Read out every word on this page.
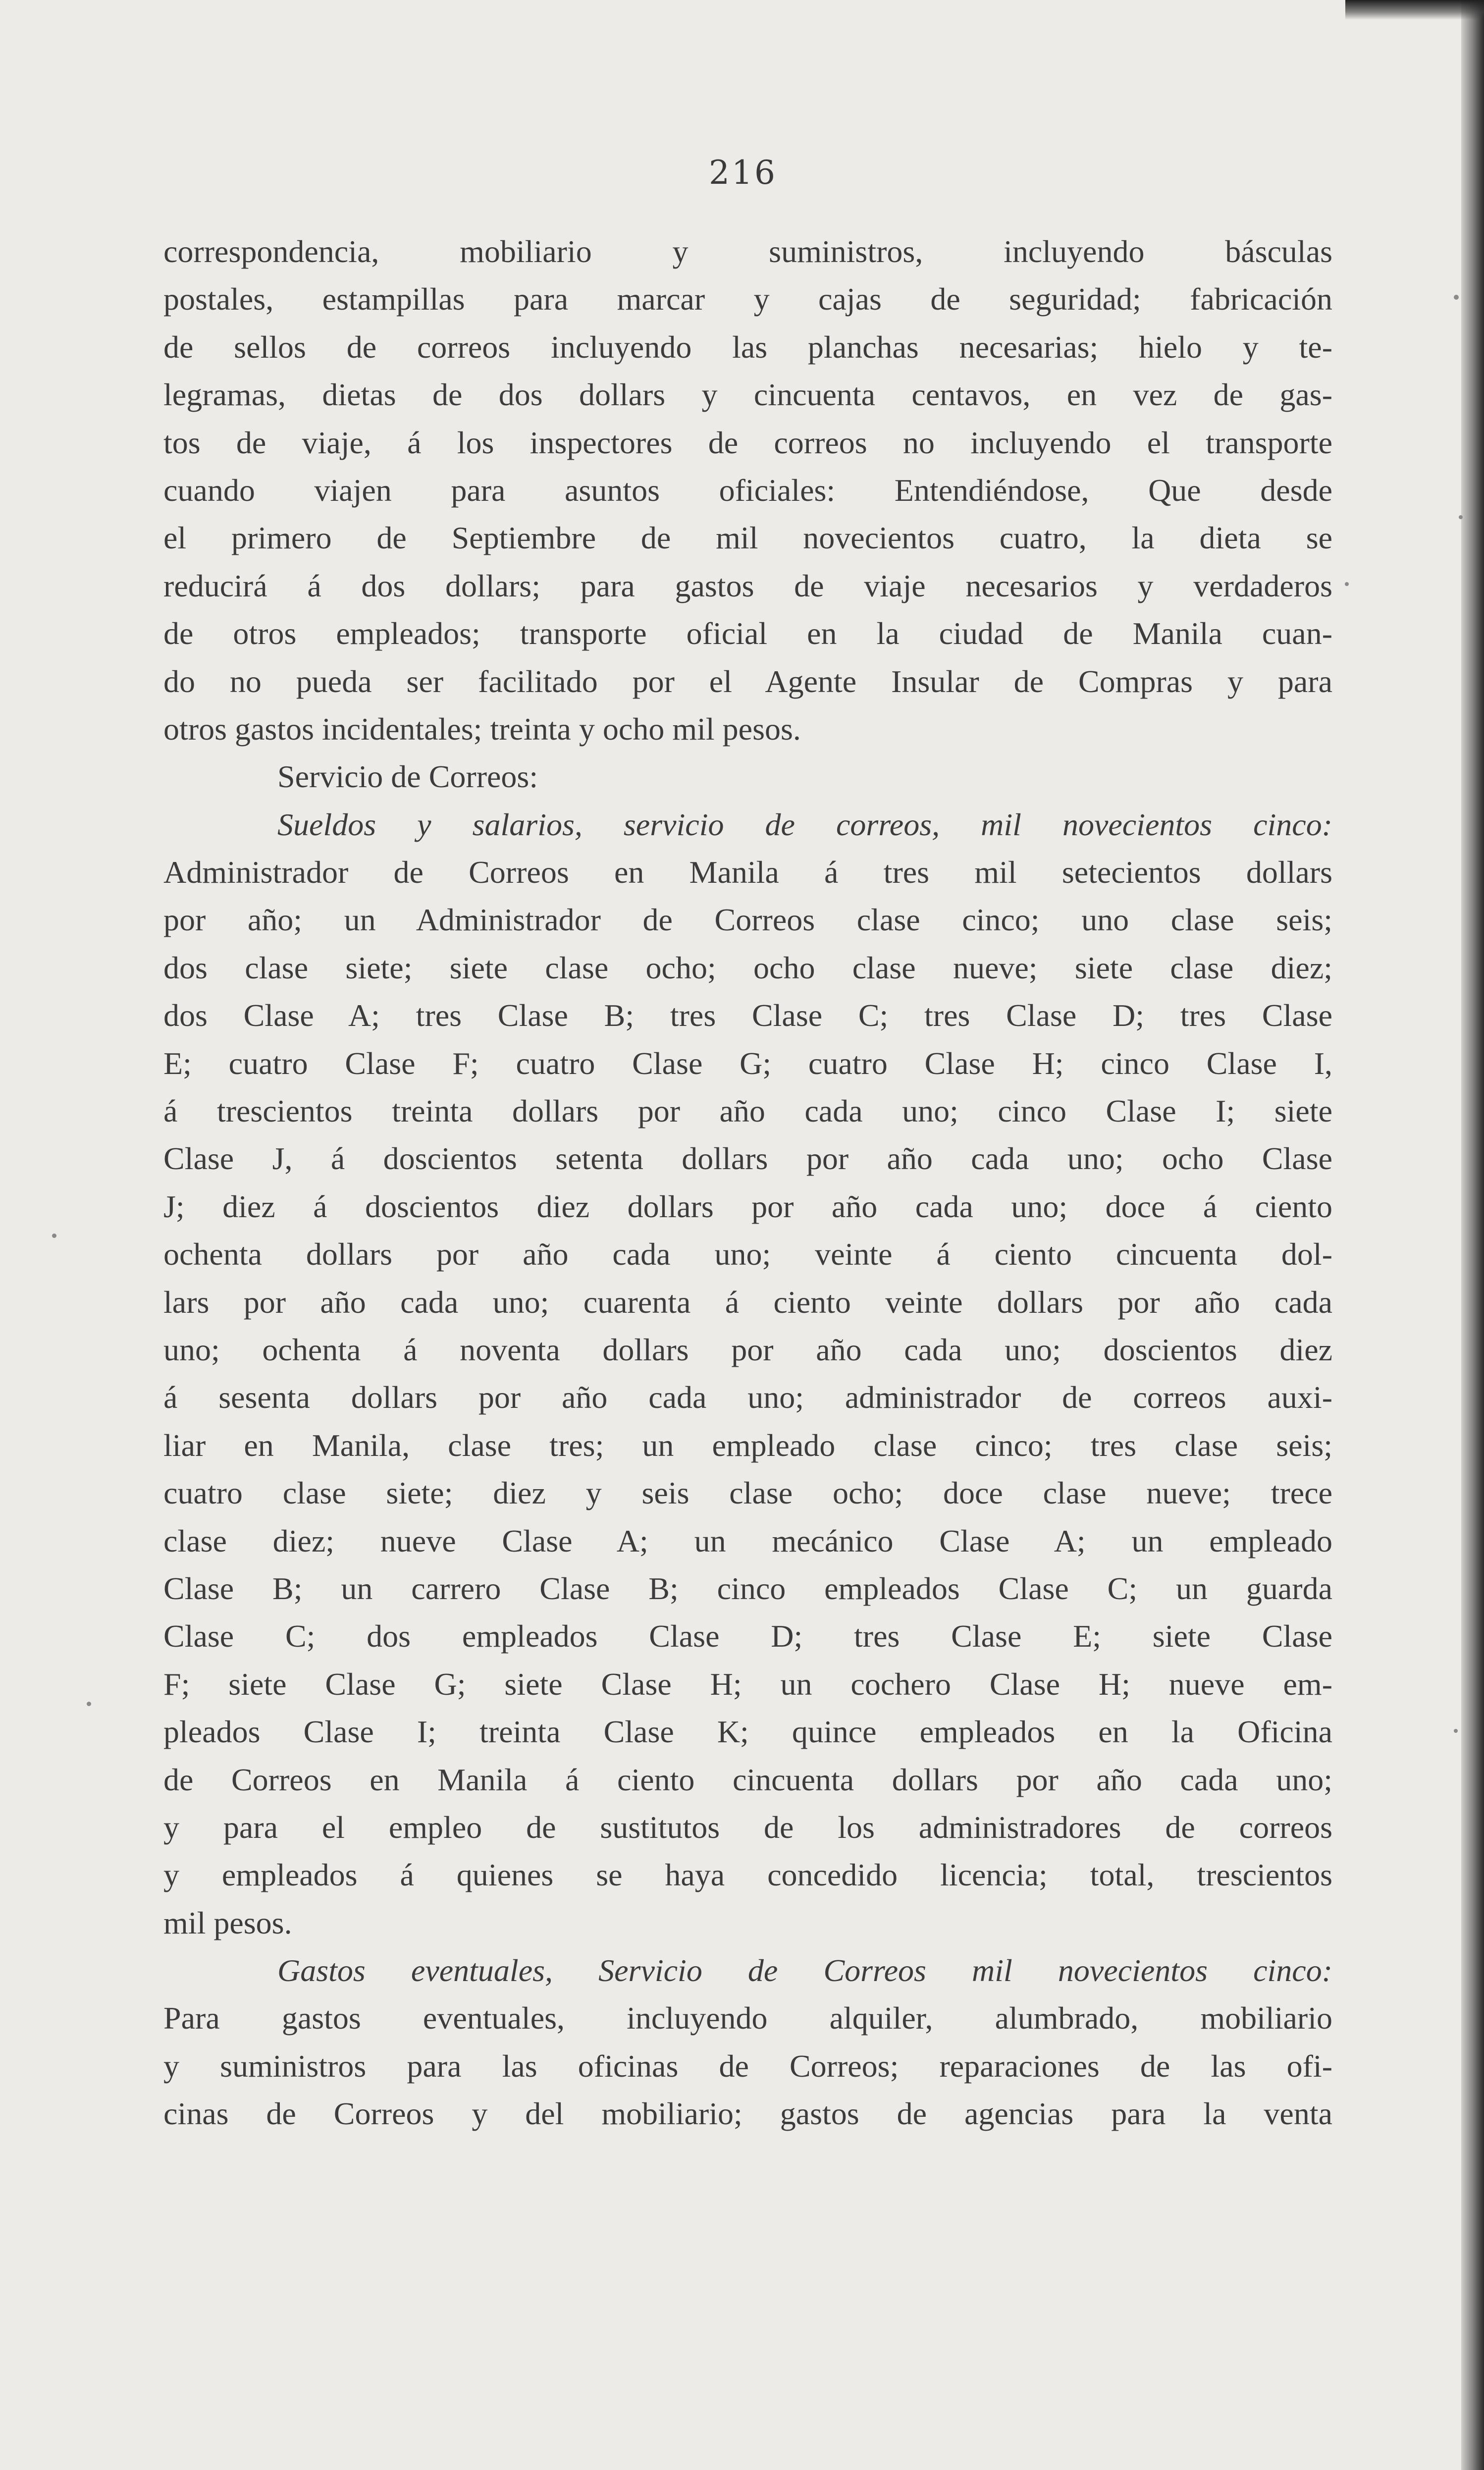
216
correspondencia, mobiliario y suministros, incluyendo básculas
postales, estampillas para marcar y cajas de seguridad; fabricación
de sellos de correos incluyendo las planchas necesarias; hielo y te-
legramas, dietas de dos dollars y cincuenta centavos, en vez de gas-
tos de viaje, á los inspectores de correos no incluyendo el transporte
cuando viajen para asuntos oficiales: Entendiéndose, Que desde
el primero de Septiembre de mil novecientos cuatro, la dieta se
reducirá á dos dollars; para gastos de viaje necesarios y verdaderos
de otros empleados; transporte oficial en la ciudad de Manila cuan-
do no pueda ser facilitado por el Agente Insular de Compras y para
otros gastos incidentales; treinta y ocho mil pesos.
Servicio de Correos:
Sueldos y salarios, servicio de correos, mil novecientos cinco:
Administrador de Correos en Manila á tres mil setecientos dollars
por año; un Administrador de Correos clase cinco; uno clase seis;
dos clase siete; siete clase ocho; ocho clase nueve; siete clase diez;
dos Clase A; tres Clase B; tres Clase C; tres Clase D; tres Clase
E; cuatro Clase F; cuatro Clase G; cuatro Clase H; cinco Clase I,
á trescientos treinta dollars por año cada uno; cinco Clase I; siete
Clase J, á doscientos setenta dollars por año cada uno; ocho Clase
J; diez á doscientos diez dollars por año cada uno; doce á ciento
ochenta dollars por año cada uno; veinte á ciento cincuenta dol-
lars por año cada uno; cuarenta á ciento veinte dollars por año cada
uno; ochenta á noventa dollars por año cada uno; doscientos diez
á sesenta dollars por año cada uno; administrador de correos auxi-
liar en Manila, clase tres; un empleado clase cinco; tres clase seis;
cuatro clase siete; diez y seis clase ocho; doce clase nueve; trece
clase diez; nueve Clase A; un mecánico Clase A; un empleado
Clase B; un carrero Clase B; cinco empleados Clase C; un guarda
Clase C; dos empleados Clase D; tres Clase E; siete Clase
F; siete Clase G; siete Clase H; un cochero Clase H; nueve em-
pleados Clase I; treinta Clase K; quince empleados en la Oficina
de Correos en Manila á ciento cincuenta dollars por año cada uno;
y para el empleo de sustitutos de los administradores de correos
y empleados á quienes se haya concedido licencia; total, trescientos
mil pesos.
Gastos eventuales, Servicio de Correos mil novecientos cinco:
Para gastos eventuales, incluyendo alquiler, alumbrado, mobiliario
y suministros para las oficinas de Correos; reparaciones de las ofi-
cinas de Correos y del mobiliario; gastos de agencias para la venta
